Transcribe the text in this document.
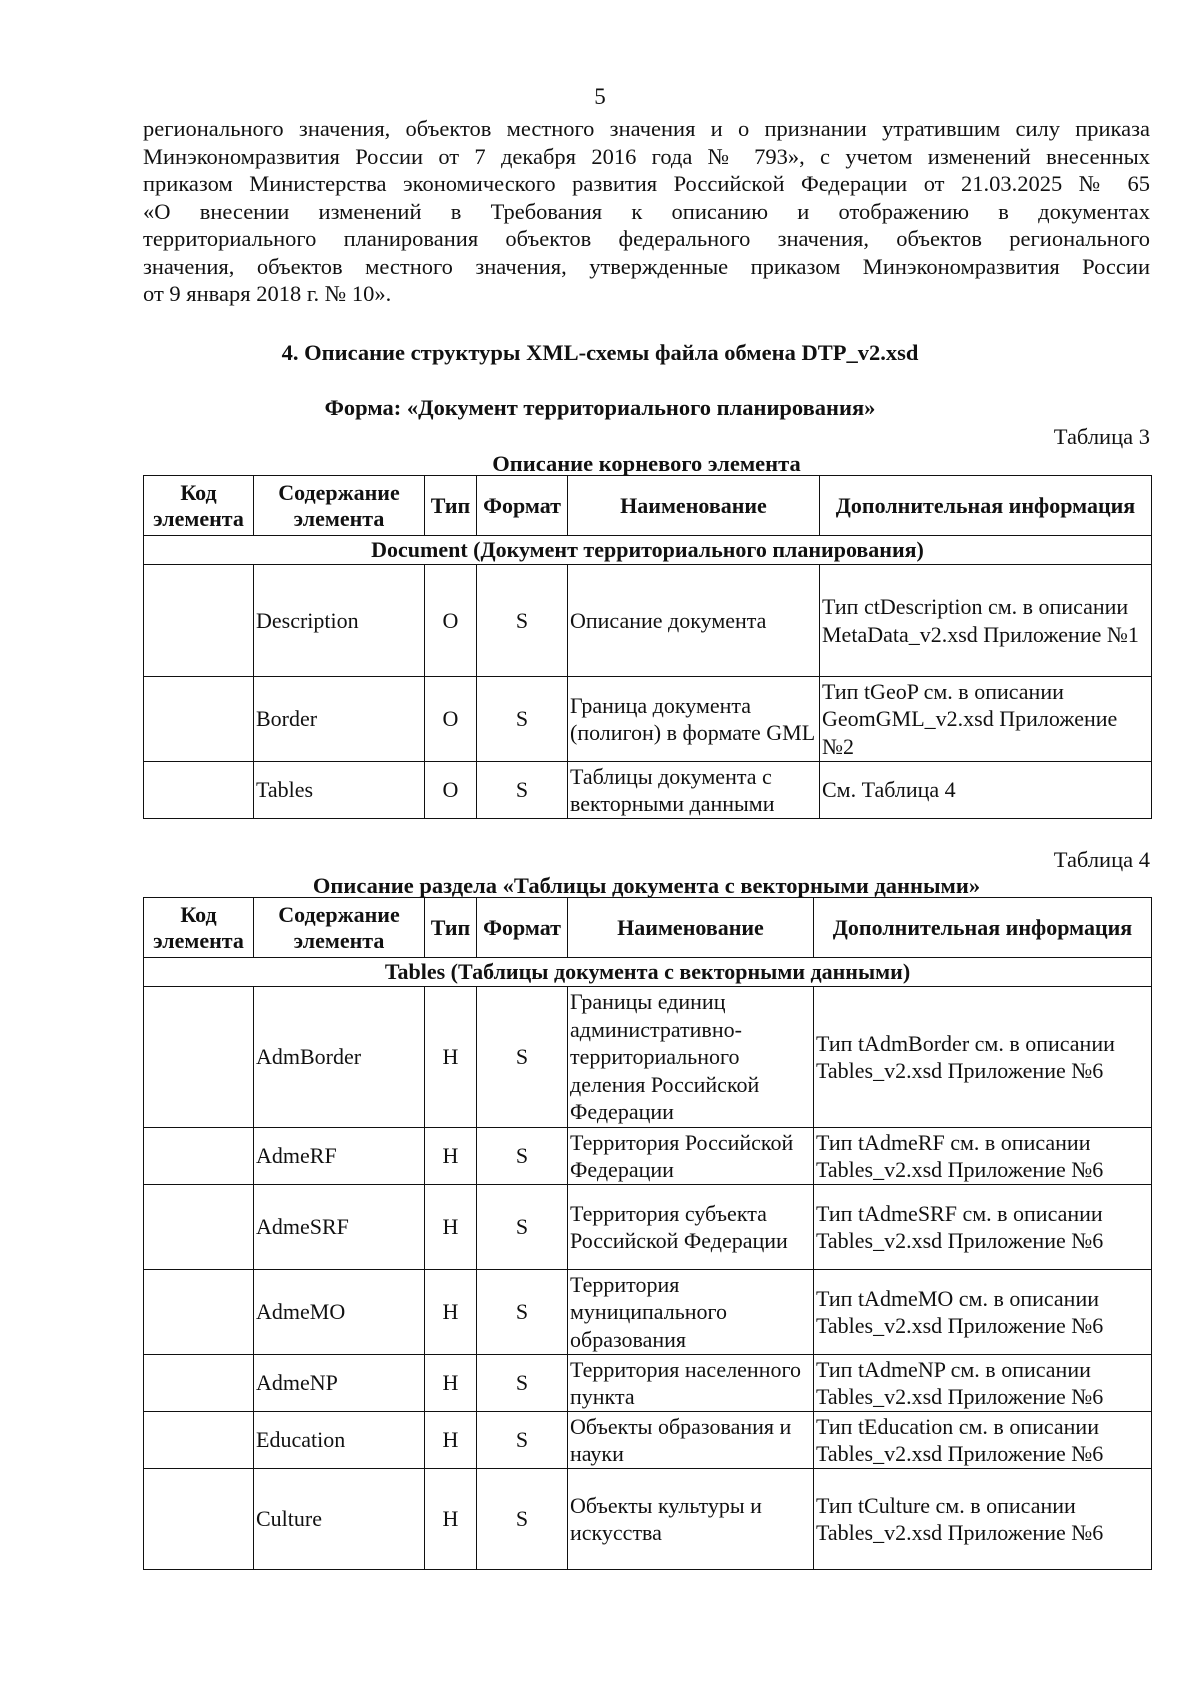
5
регионального значения, объектов местного значения и о признании утратившим силу приказа
Минэкономразвития России от 7 декабря 2016 года № 793», с учетом изменений внесенных
приказом Министерства экономического развития Российской Федерации от 21.03.2025 № 65
«О внесении изменений в Требования к описанию и отображению в документах
территориального планирования объектов федерального значения, объектов регионального
значения, объектов местного значения, утвержденные приказом Минэкономразвития России
от 9 января 2018 г. № 10».
4. Описание структуры XML-схемы файла обмена DTP_v2.xsd
Форма: «Документ территориального планирования»
Таблица 3
Описание корневого элемента
Код элемента	Содержание элемента	Тип	Формат	Наименование	Дополнительная информация
Document (Документ территориального планирования)					
	Description	O	S	Описание документа	Тип ctDescription см. в описании MetaData_v2.xsd Приложение №1
	Border	O	S	Граница документа (полигон) в формате GML	Тип tGeoP см. в описании GeomGML_v2.xsd Приложение №2
	Tables	O	S	Таблицы документа с векторными данными	См. Таблица 4
Таблица 4
Описание раздела «Таблицы документа с векторными данными»
Код элемента	Содержание элемента	Тип	Формат	Наименование	Дополнительная информация
Tables (Таблицы документа с векторными данными)					
	AdmBorder	Н	S	Границы единиц административно-территориального деления Российской Федерации	Тип tAdmBorder см. в описании Tables_v2.xsd Приложение №6
	AdmeRF	Н	S	Территория Российской Федерации	Тип tAdmeRF см. в описании Tables_v2.xsd Приложение №6
	AdmeSRF	Н	S	Территория субъекта Российской Федерации	Тип tAdmeSRF см. в описании Tables_v2.xsd Приложение №6
	AdmeMO	Н	S	Территория муниципального образования	Тип tAdmeMO см. в описании Tables_v2.xsd Приложение №6
	AdmeNP	Н	S	Территория населенного пункта	Тип tAdmeNP см. в описании Tables_v2.xsd Приложение №6
	Education	Н	S	Объекты образования и науки	Тип tEducation см. в описании Tables_v2.xsd Приложение №6
	Culture	Н	S	Объекты культуры и искусства	Тип tCulture см. в описании Tables_v2.xsd Приложение №6
